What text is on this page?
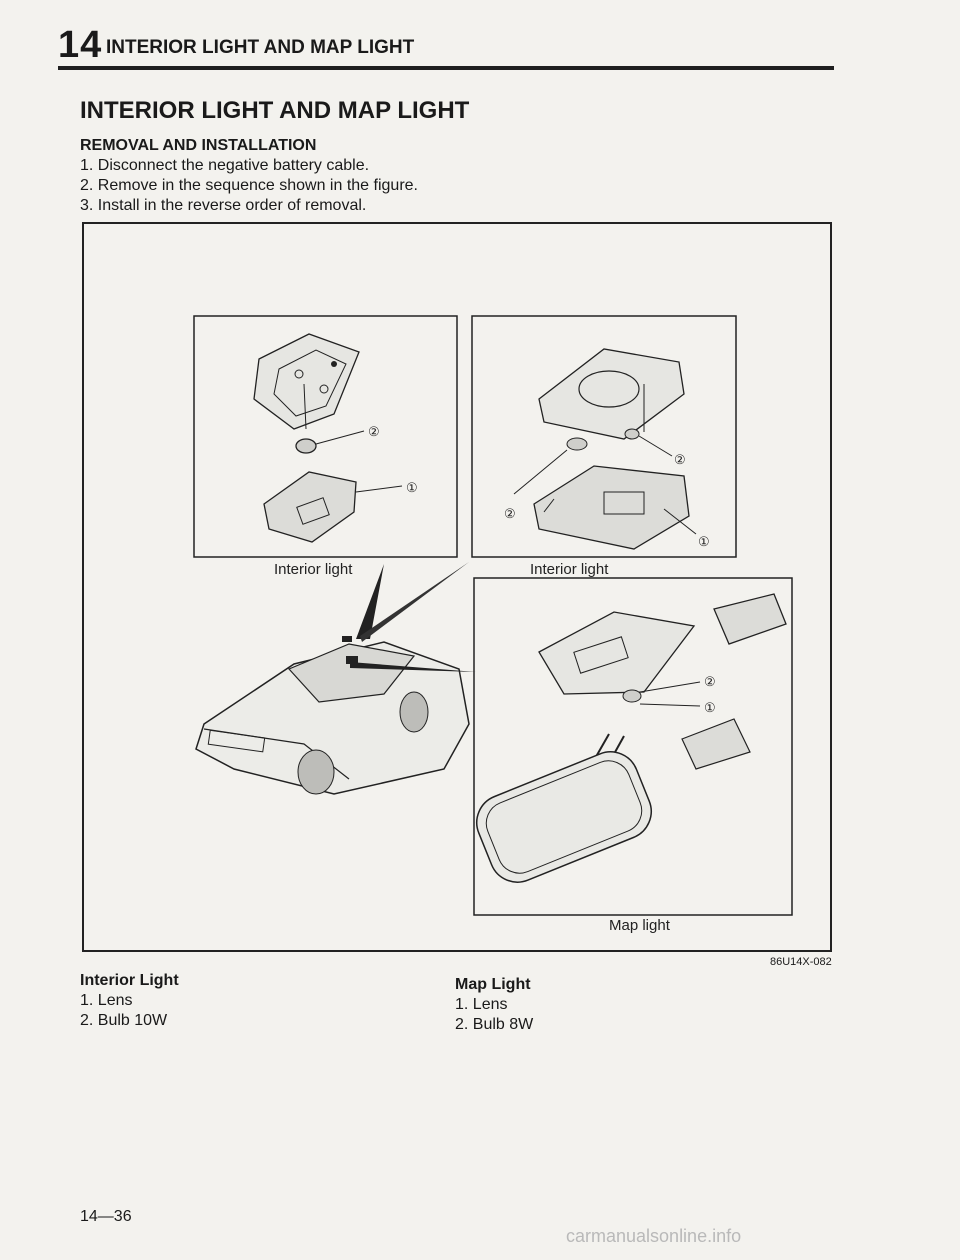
14 INTERIOR LIGHT AND MAP LIGHT
INTERIOR LIGHT AND MAP LIGHT
REMOVAL AND INSTALLATION
1. Disconnect the negative battery cable.
2. Remove in the sequence shown in the figure.
3. Install in the reverse order of removal.
②
①
Interior light
②
②
①
Interior light
②
①
Map light
86U14X-082
Interior Light
1. Lens
2. Bulb 10W
Map Light
1. Lens
2. Bulb 8W
14—36
carmanualsonline.info
